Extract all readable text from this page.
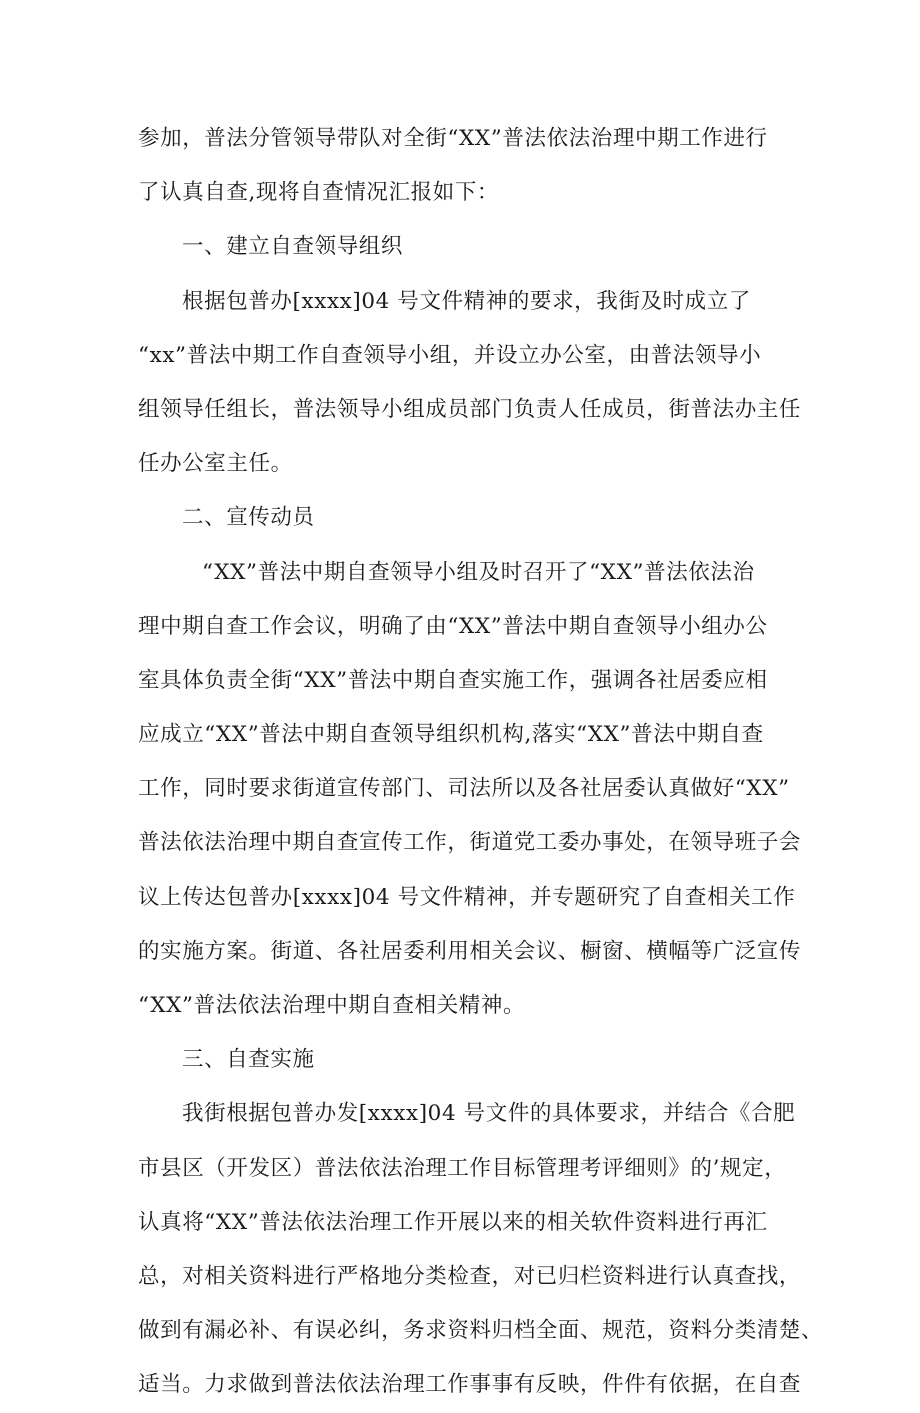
参加，普法分管领导带队对全街“XX”普法依法治理中期工作进行
了认真自查,现将自查情况汇报如下：
一、建立自查领导组织
根据包普办[xxxx]04 号文件精神的要求，我街及时成立了
“xx”普法中期工作自查领导小组，并设立办公室，由普法领导小
组领导任组长，普法领导小组成员部门负责人任成员，街普法办主任
任办公室主任。
二、宣传动员
“XX”普法中期自查领导小组及时召开了“XX”普法依法治
理中期自查工作会议，明确了由“XX”普法中期自查领导小组办公
室具体负责全街“XX”普法中期自查实施工作，强调各社居委应相
应成立“XX”普法中期自查领导组织机构,落实“XX”普法中期自查
工作，同时要求街道宣传部门、司法所以及各社居委认真做好“XX”
普法依法治理中期自查宣传工作，街道党工委办事处，在领导班子会
议上传达包普办[xxxx]04 号文件精神，并专题研究了自查相关工作
的实施方案。街道、各社居委利用相关会议、橱窗、横幅等广泛宣传
“XX”普法依法治理中期自查相关精神。
三、自查实施
我街根据包普办发[xxxx]04 号文件的具体要求，并结合《合肥
市县区（开发区）普法依法治理工作目标管理考评细则》的’规定，
认真将“XX”普法依法治理工作开展以来的相关软件资料进行再汇
总，对相关资料进行严格地分类检查，对已归栏资料进行认真查找，
做到有漏必补、有误必纠，务求资料归档全面、规范，资料分类清楚、
适当。力求做到普法依法治理工作事事有反映，件件有依据，在自查
